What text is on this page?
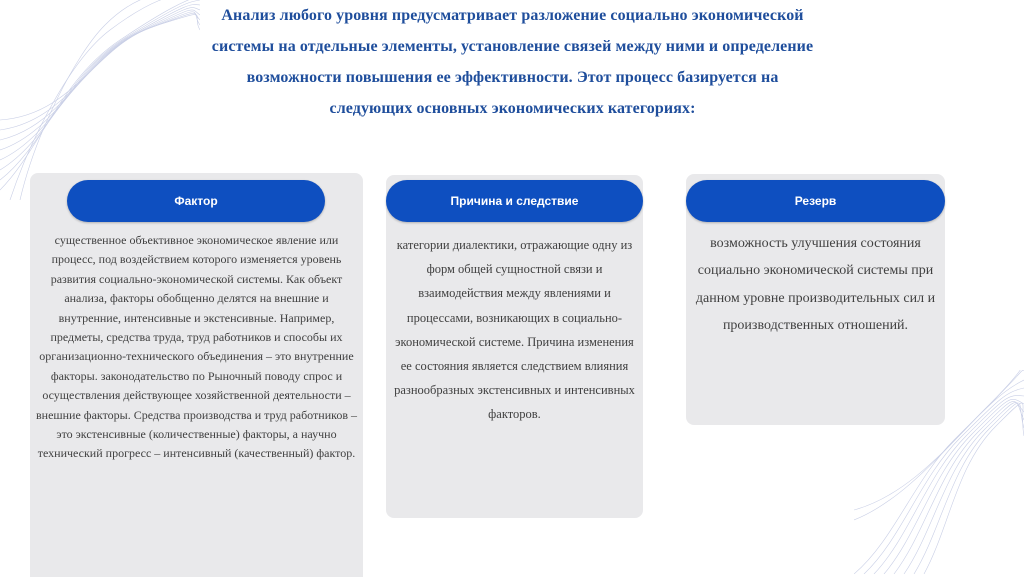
Анализ любого уровня предусматривает разложение социально экономической системы на отдельные элементы, установление связей между ними и определение возможности повышения ее эффективности. Этот процесс базируется на следующих основных экономических категориях:
Фактор	Причина и следствие	Резерв
существенное объективное экономическое явление или процесс, под воздействием которого изменяется уровень развития социально-экономической системы. Как объект анализа, факторы обобщенно делятся на внешние и внутренние, интенсивные и экстенсивные. Например, предметы, средства труда, труд работников и способы их организационно-технического объединения – это внутренние факторы. законодательство по Рыночный поводу спрос и осуществления действующее хозяйственной деятельности – внешние факторы. Средства производства и труд работников – это экстенсивные (количественные) факторы, а научно технический прогресс – интенсивный (качественный) фактор.
категории диалектики, отражающие одну из форм общей сущностной связи и взаимодействия между явлениями и процессами, возникающих в социально-экономической системе. Причина изменения ее состояния является следствием влияния разнообразных экстенсивных и интенсивных факторов.
возможность улучшения состояния социально экономической системы при данном уровне производительных сил и производственных отношений.
